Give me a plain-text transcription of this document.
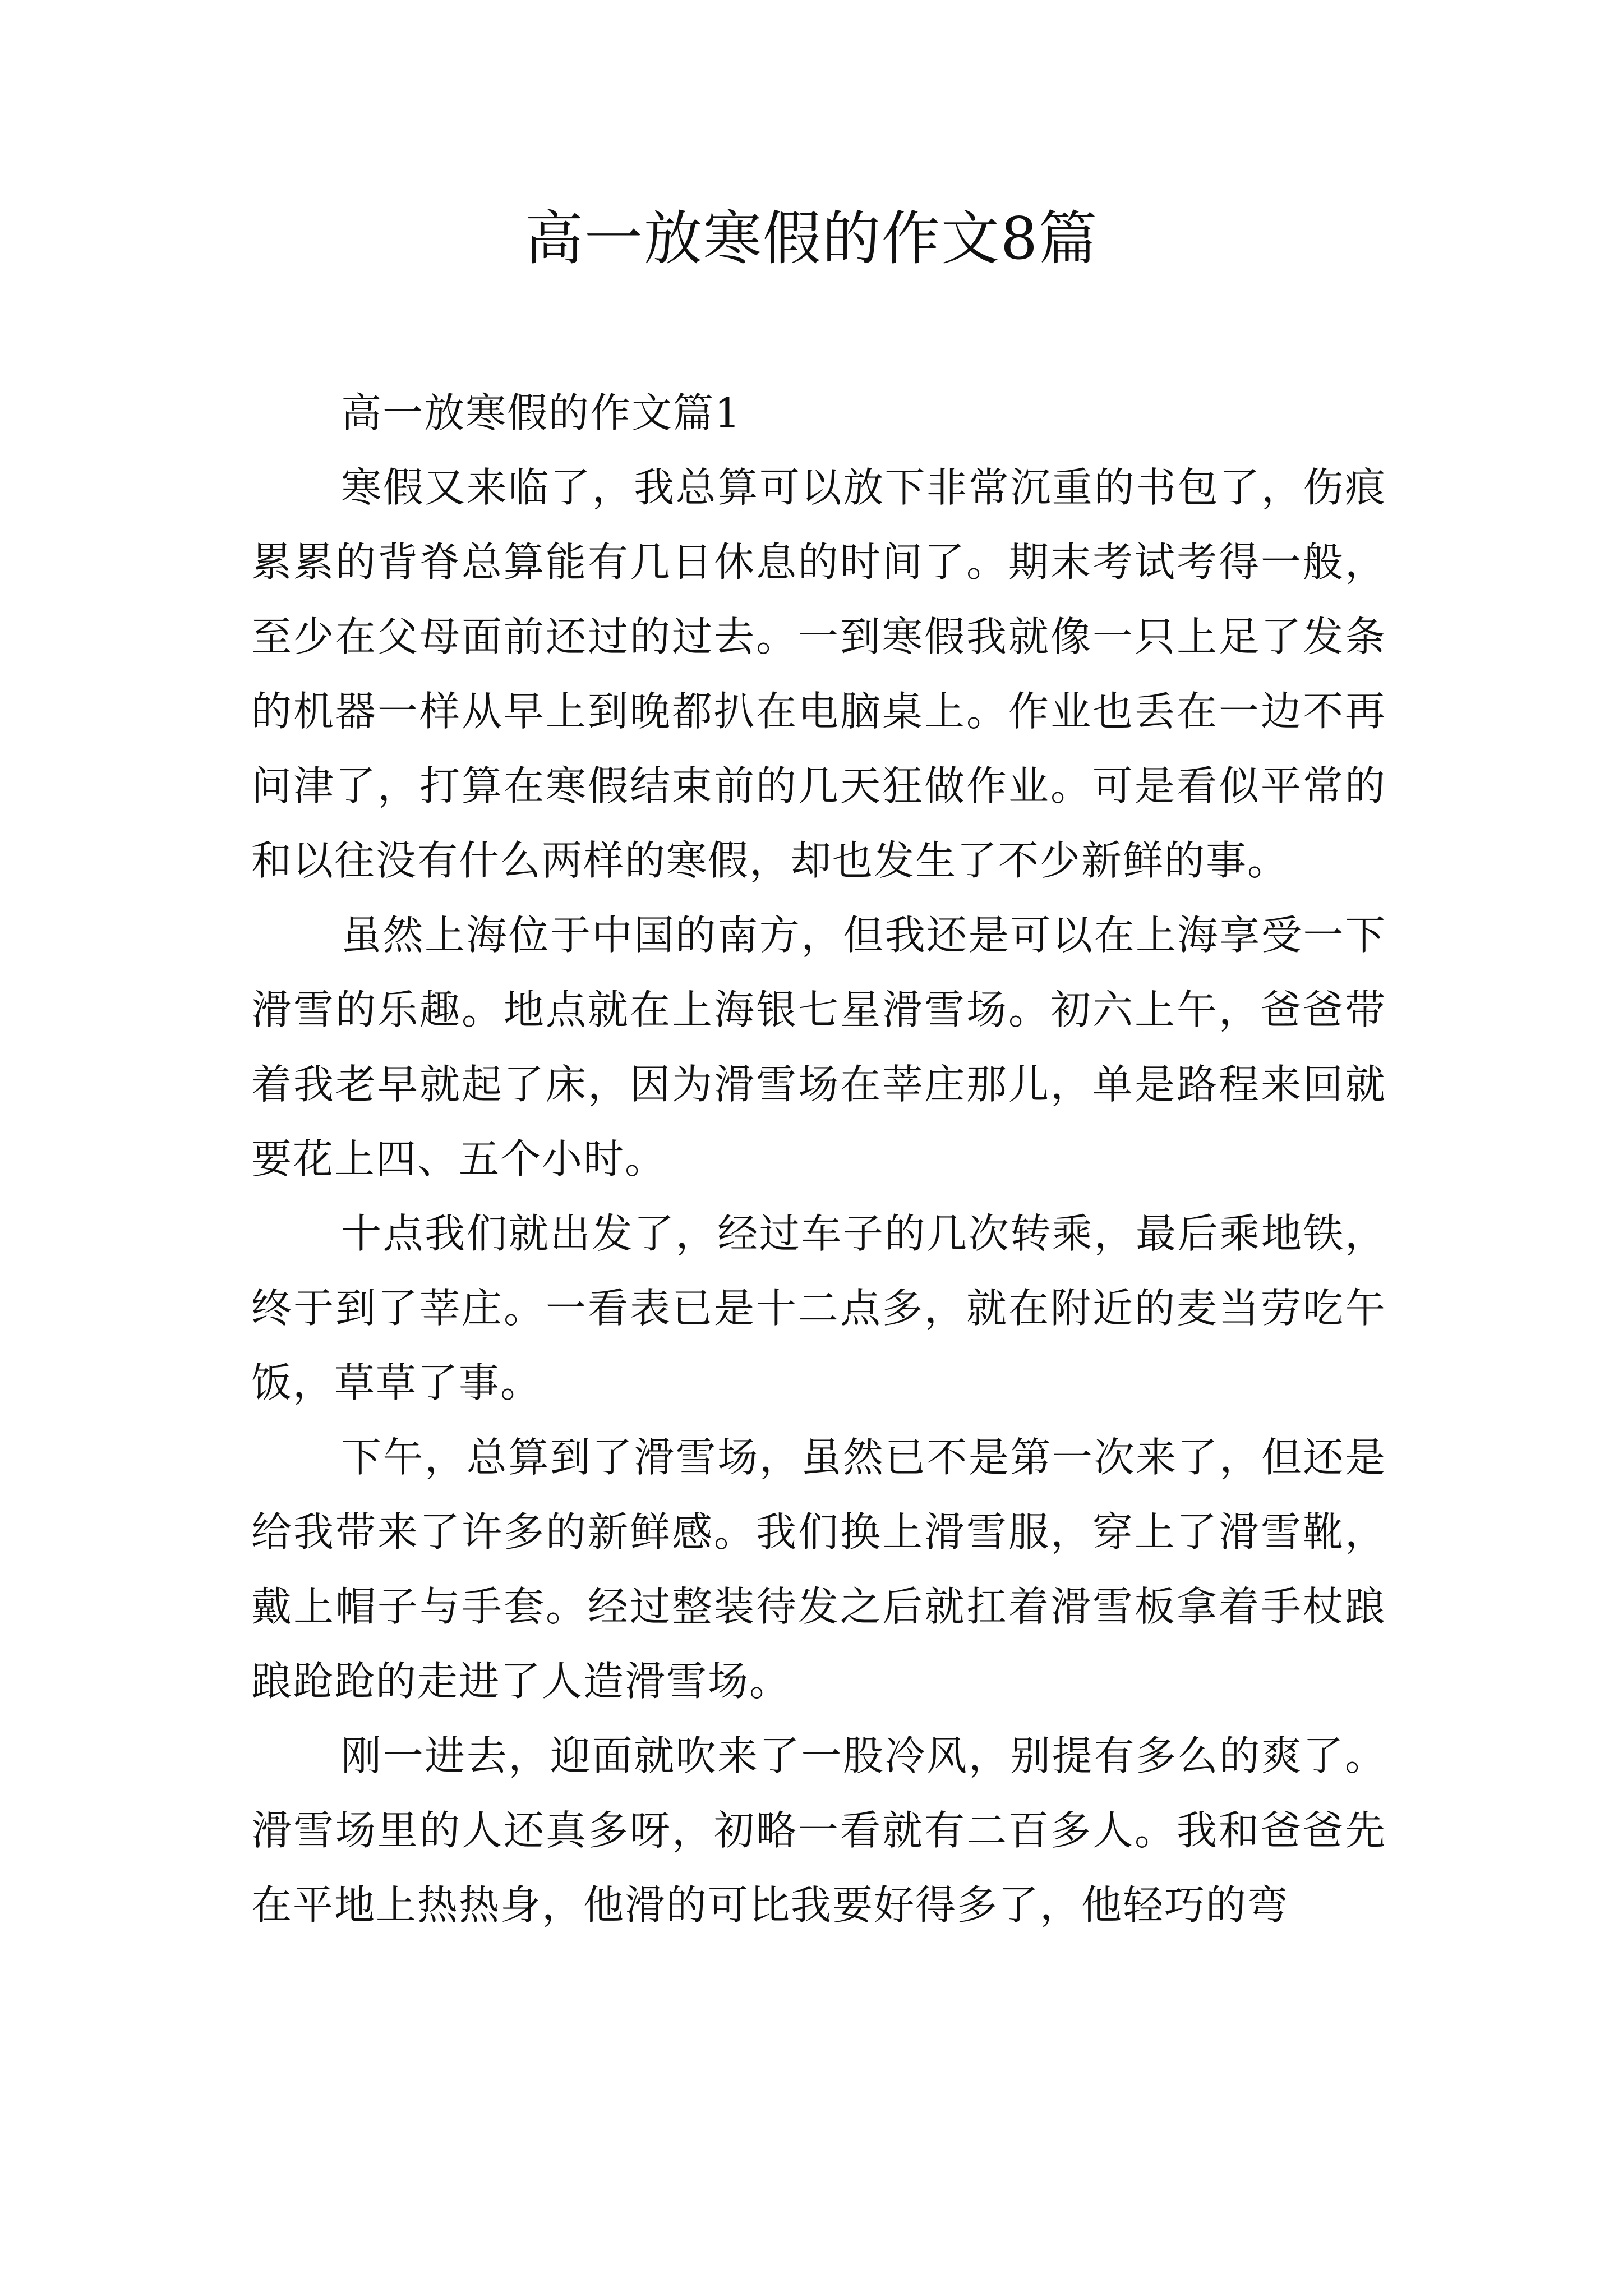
高一放寒假的作文8篇

高一放寒假的作文篇1

寒假又来临了，我总算可以放下非常沉重的书包了，伤痕累累的背脊总算能有几日休息的时间了。期末考试考得一般，至少在父母面前还过的过去。一到寒假我就像一只上足了发条的机器一样从早上到晚都扒在电脑桌上。作业也丢在一边不再问津了，打算在寒假结束前的几天狂做作业。可是看似平常的和以往没有什么两样的寒假，却也发生了不少新鲜的事。

虽然上海位于中国的南方，但我还是可以在上海享受一下滑雪的乐趣。地点就在上海银七星滑雪场。初六上午，爸爸带着我老早就起了床，因为滑雪场在莘庄那儿，单是路程来回就要花上四、五个小时。

十点我们就出发了，经过车子的几次转乘，最后乘地铁，终于到了莘庄。一看表已是十二点多，就在附近的麦当劳吃午饭，草草了事。

下午，总算到了滑雪场，虽然已不是第一次来了，但还是给我带来了许多的新鲜感。我们换上滑雪服，穿上了滑雪靴，戴上帽子与手套。经过整装待发之后就扛着滑雪板拿着手杖踉踉跄跄的走进了人造滑雪场。

刚一进去，迎面就吹来了一股冷风，别提有多么的爽了。滑雪场里的人还真多呀，初略一看就有二百多人。我和爸爸先在平地上热热身，他滑的可比我要好得多了，他轻巧的弯
